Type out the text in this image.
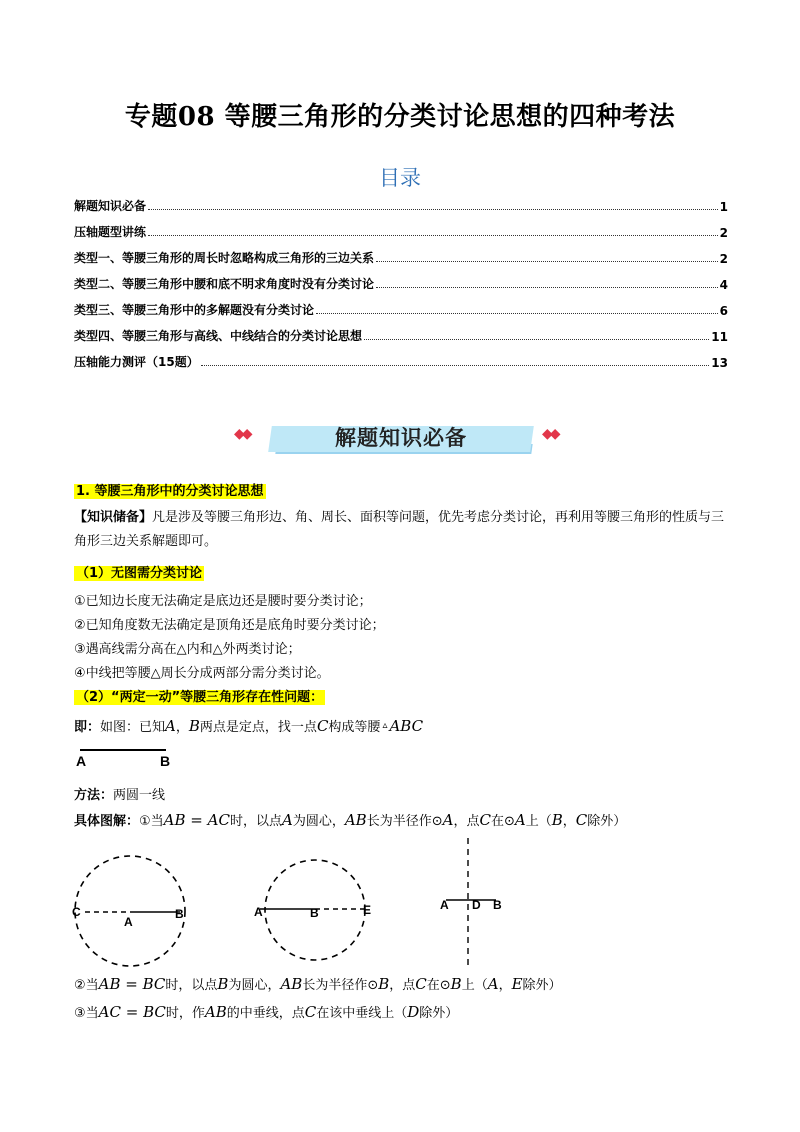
专题08 等腰三角形的分类讨论思想的四种考法
目录
解题知识必备	1
压轴题型讲练	2
类型一、等腰三角形的周长时忽略构成三角形的三边关系	2
类型二、等腰三角形中腰和底不明求角度时没有分类讨论	4
类型三、等腰三角形中的多解题没有分类讨论	6
类型四、等腰三角形与高线、中线结合的分类讨论思想	11
压轴能力测评（15题）	13
◆◆	解题知识必备	◆◆
1. 等腰三角形中的分类讨论思想
【知识储备】凡是涉及等腰三角形边、角、周长、面积等问题，优先考虑分类讨论，再利用等腰三角形的性质与三角形三边关系解题即可。
（1）无图需分类讨论
①已知边长度无法确定是底边还是腰时要分类讨论；
②已知角度数无法确定是顶角还是底角时要分类讨论；
③遇高线需分高在△内和△外两类讨论；
④中线把等腰△周长分成两部分需分类讨论。
（2）“两定一动”等腰三角形存在性问题：
即：如图：已知A，B两点是定点，找一点C构成等腰 ▵ ABC
A	B
方法：两圆一线
具体图解：①当AB = AC时，以点A为圆心，AB长为半径作⊙A，点C在⊙A上（B，C除外）
C
A
B	A	B	E	A D B
②当AB = BC时，以点B为圆心，AB长为半径作⊙B，点C在⊙B上（A，E除外）
③当AC = BC时，作AB的中垂线，点C在该中垂线上（D除外）
